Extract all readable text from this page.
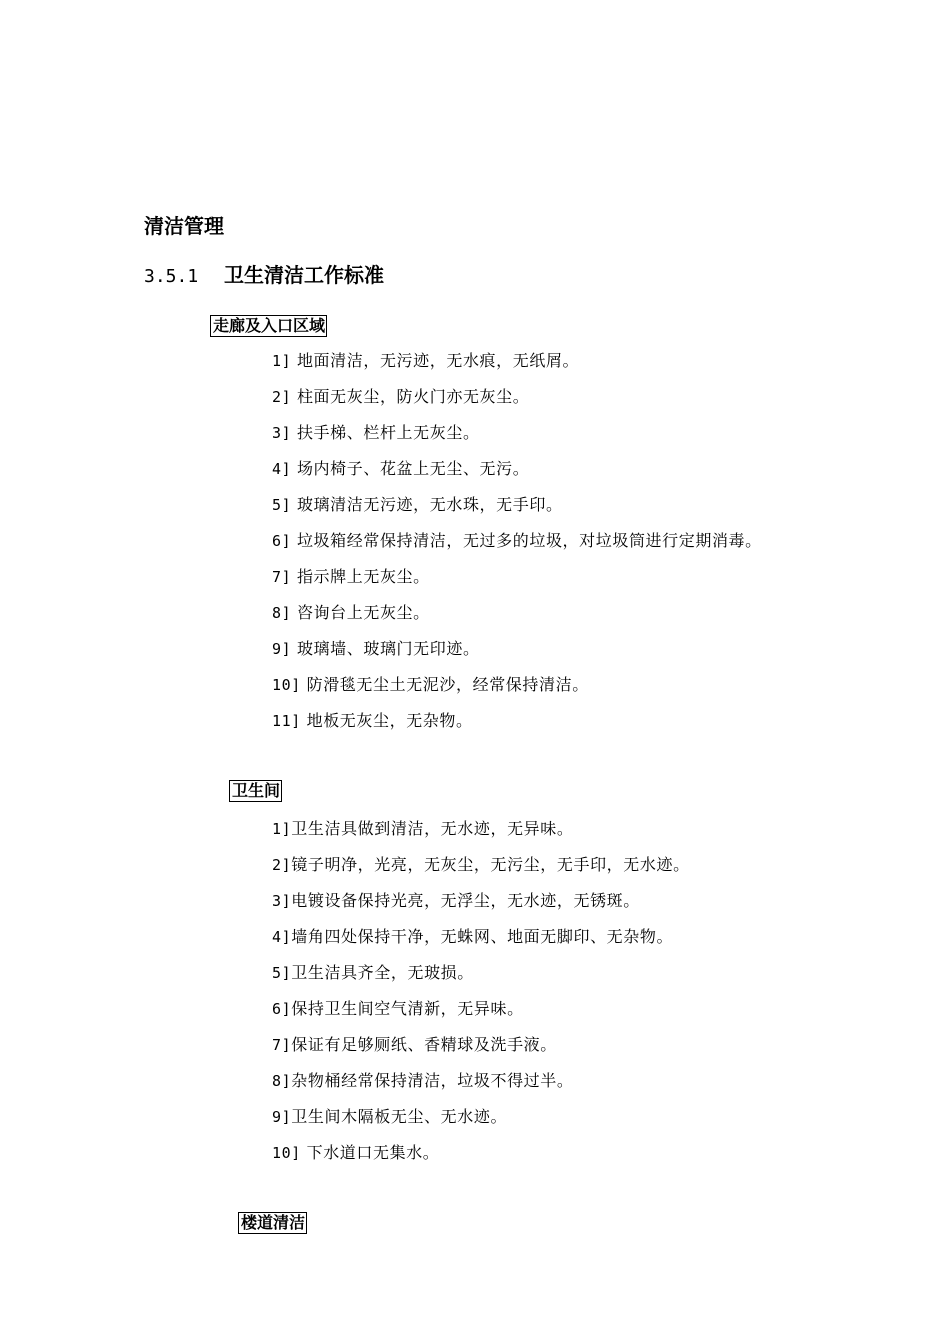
清洁管理
3.5.1 卫生清洁工作标准
走廊及入口区域
1] 地面清洁，无污迹，无水痕，无纸屑。
2] 柱面无灰尘，防火门亦无灰尘。
3] 扶手梯、栏杆上无灰尘。
4] 场内椅子、花盆上无尘、无污。
5] 玻璃清洁无污迹，无水珠，无手印。
6] 垃圾箱经常保持清洁，无过多的垃圾，对垃圾筒进行定期消毒。
7] 指示牌上无灰尘。
8] 咨询台上无灰尘。
9] 玻璃墙、玻璃门无印迹。
10] 防滑毯无尘土无泥沙，经常保持清洁。
11] 地板无灰尘，无杂物。
卫生间
1]卫生洁具做到清洁，无水迹，无异味。
2]镜子明净，光亮，无灰尘，无污尘，无手印，无水迹。
3]电镀设备保持光亮，无浮尘，无水迹，无锈斑。
4]墙角四处保持干净，无蛛网、地面无脚印、无杂物。
5]卫生洁具齐全，无玻损。
6]保持卫生间空气清新，无异味。
7]保证有足够厕纸、香精球及洗手液。
8]杂物桶经常保持清洁，垃圾不得过半。
9]卫生间木隔板无尘、无水迹。
10] 下水道口无集水。
楼道清洁
